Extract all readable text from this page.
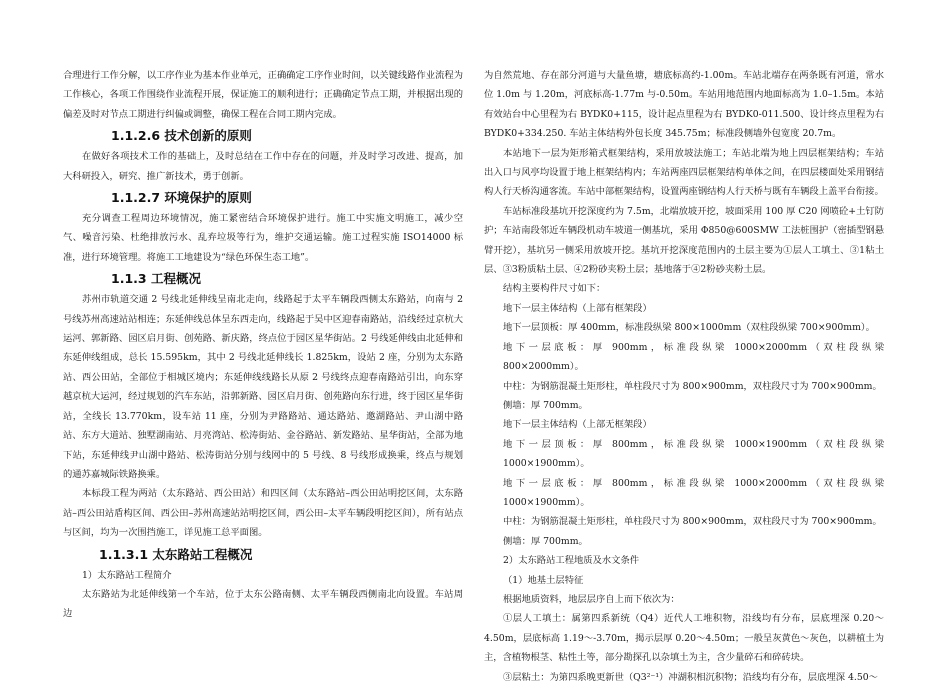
合理进行工作分解，以工序作业为基本作业单元，正确确定工序作业时间，以关键线路作业流程为工作核心，各项工作围绕作业流程开展，保证施工的顺利进行；正确确定节点工期，并根据出现的偏差及时对节点工期进行纠偏或调整，确保工程在合同工期内完成。

1.1.2.6 技术创新的原则

在做好各项技术工作的基础上，及时总结在工作中存在的问题，并及时学习改进、提高，加大科研投入，研究、推广新技术，勇于创新。

1.1.2.7 环境保护的原则

充分调查工程周边环境情况，施工紧密结合环境保护进行。施工中实施文明施工，减少空气、噪音污染、杜绝排放污水、乱弃垃圾等行为，维护交通运输。施工过程实施 ISO14000 标准，进行环境管理。将施工工地建设为“绿色环保生态工地”。

1.1.3 工程概况

苏州市轨道交通 2 号线北延伸线呈南北走向，线路起于太平车辆段西侧太东路站，向南与 2 号线苏州高速站站相连；东延伸线总体呈东西走向，线路起于吴中区迎春南路站，沿线经过京杭大运河、郭新路、园区启月街、创苑路、新庆路，终点位于园区星华街站。2 号线延伸线由北延伸和东延伸线组成，总长 15.595km，其中 2 号线北延伸线长 1.825km，设站 2 座，分别为太东路站、西公田站，全部位于相城区境内；东延伸线线路长从原 2 号线终点迎春南路站引出，向东穿越京杭大运河，经过规划的汽车东站，沿郭新路、园区启月街、创苑路向东行进，终于园区星华街站，全线长 13.770km，设车站 11 座，分别为尹路路站、通达路站、邀湖路站、尹山湖中路站、东方大道站、独墅湖南站、月亮湾站、松涛街站、金谷路站、新发路站、星华街站，全部为地下站，东延伸线尹山湖中路站、松涛街站分别与线网中的 5 号线、8 号线形成换乘，终点与规划的通苏嘉城际铁路换乘。

本标段工程为两站（太东路站、西公田站）和四区间（太东路站–西公田站明挖区间，太东路站–西公田站盾构区间、西公田–苏州高速站站明挖区间，西公田–太平车辆段明挖区间），所有站点与区间，均为一次围挡施工，详见施工总平面图。

1.1.3.1 太东路站工程概况

1）太东路站工程简介

太东路站为北延伸线第一个车站，位于太东公路南侧、太平车辆段西侧南北向设置。车站周边

为自然荒地、存在部分河道与大量鱼塘，塘底标高约-1.00m。车站北端存在两条既有河道，常水位 1.0m 与 1.20m，河底标高-1.77m 与-0.50m。车站用地范围内地面标高为 1.0–1.5m。本站有效站台中心里程为右 BYDK0+115，设计起点里程为右 BYDK0-011.500、设计终点里程为右 BYDK0+334.250. 车站主体结构外包长度 345.75m；标准段侧墙外包宽度 20.7m。

本站地下一层为矩形箱式框架结构，采用放坡法施工；车站北端为地上四层框架结构；车站出入口与风亭均设置于地上框架结构内；车站两座四层框架结构单体之间，在四层楼面处采用钢结构人行天桥沟通客流。车站中部框架结构，设置两座钢结构人行天桥与既有车辆段上盖平台衔接。

车站标准段基坑开挖深度约为 7.5m，北端放坡开挖，坡面采用 100 厚 C20 网喷砼+土钉防护；车站南段邻近车辆段机动车坡道一侧基坑，采用 Φ850@600SMW 工法桩围护（密插型钢悬臂开挖），基坑另一侧采用放坡开挖。基坑开挖深度范围内的土层主要为①层人工填土、③1粘土层、③3粉质粘土层、④2粉砂夹粉土层；基地落于④2粉砂夹粉土层。

结构主要构件尺寸如下：

地下一层主体结构（上部有框架段）

地下一层顶板：厚 400mm，标准段纵梁 800×1000mm（双柱段纵梁 700×900mm）。

地下一层底板：厚 900mm，标准段纵梁 1000×2000mm（双柱段纵梁 800×2000mm）。

中柱：为钢筋混凝土矩形柱，单柱段尺寸为 800×900mm，双柱段尺寸为 700×900mm。

侧墙：厚 700mm。

地下一层主体结构（上部无框架段）

地下一层顶板：厚 800mm，标准段纵梁 1000×1900mm（双柱段纵梁 1000×1900mm）。

地下一层底板：厚 800mm，标准段纵梁 1000×2000mm（双柱段纵梁 1000×1900mm）。

中柱：为钢筋混凝土矩形柱，单柱段尺寸为 800×900mm，双柱段尺寸为 700×900mm。

侧墙：厚 700mm。

2）太东路站工程地质及水文条件

（1）地基土层特征

根据地质资料，地层层序自上而下依次为：

①层人工填土：属第四系新统（Q4）近代人工堆积物，沿线均有分布，层底埋深 0.20～4.50m，层底标高 1.19～-3.70m，揭示层厚 0.20～4.50m；一般呈灰黄色～灰色，以耕植土为主，含植物根茎、粘性土等，部分勘探孔以杂填土为主，含少量碎石和碎砖块。

③层粘土：为第四系晚更新世（Q3²⁻¹）冲湖积相沉积物；沿线均有分布，层底埋深 4.50～
